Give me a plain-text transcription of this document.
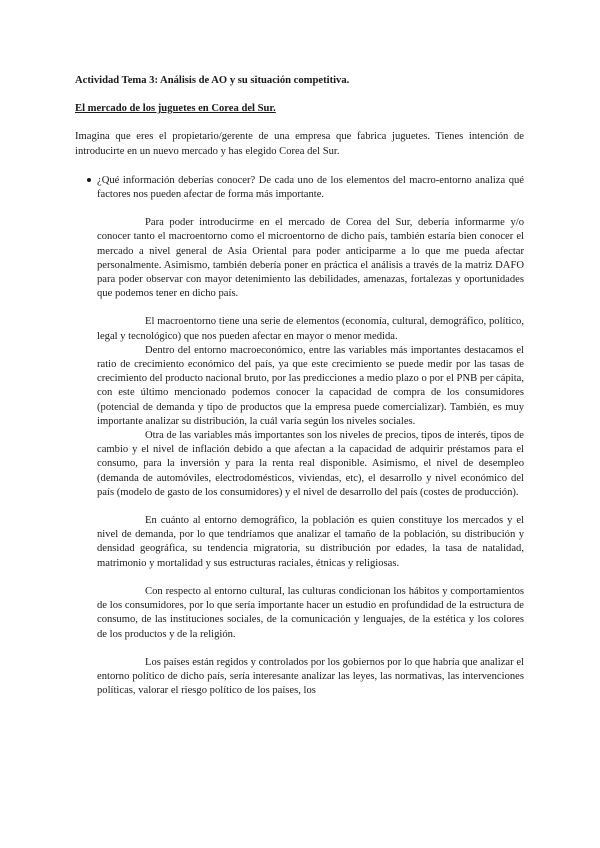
Actividad Tema 3: Análisis de AO y su situación competitiva.
El mercado de los juguetes en Corea del Sur.

Imagina que eres el propietario/gerente de una empresa que fabrica juguetes. Tienes intención de introducirte en un nuevo mercado y has elegido Corea del Sur.

¿Qué información deberías conocer? De cada uno de los elementos del macro-entorno analiza qué factores nos pueden afectar de forma más importante.

Para poder introducirme en el mercado de Corea del Sur, debería informarme y/o conocer tanto el macroentorno como el microentorno de dicho país, también estaría bien conocer el mercado a nivel general de Asia Oriental para poder anticiparme a lo que me pueda afectar personalmente. Asimismo, también debería poner en práctica el análisis a través de la matriz DAFO para poder observar con mayor detenimiento las debilidades, amenazas, fortalezas y oportunidades que podemos tener en dicho país.

El macroentorno tiene una serie de elementos (economía, cultural, demográfico, político, legal y tecnológico) que nos pueden afectar en mayor o menor medida.

Dentro del entorno macroeconómico, entre las variables más importantes destacamos el ratio de crecimiento económico del país, ya que este crecimiento se puede medir por las tasas de crecimiento del producto nacional bruto, por las predicciones a medio plazo o por el PNB per cápita, con este último mencionado podemos conocer la capacidad de compra de los consumidores (potencial de demanda y tipo de productos que la empresa puede comercializar). También, es muy importante analizar su distribución, la cuál varía según los niveles sociales.

Otra de las variables más importantes son los niveles de precios, tipos de interés, tipos de cambio y el nivel de inflación debido a que afectan a la capacidad de adquirir préstamos para el consumo, para la inversión y para la renta real disponible. Asimismo, el nivel de desempleo (demanda de automóviles, electrodomésticos, viviendas, etc), el desarrollo y nivel económico del país (modelo de gasto de los consumidores) y el nivel de desarrollo del país (costes de producción).

En cuánto al entorno demográfico, la población es quien constituye los mercados y el nivel de demanda, por lo que tendríamos que analizar el tamaño de la población, su distribución y densidad geográfica, su tendencia migratoria, su distribución por edades, la tasa de natalidad, matrimonio y mortalidad y sus estructuras raciales, étnicas y religiosas.

Con respecto al entorno cultural, las culturas condicionan los hábitos y comportamientos de los consumidores, por lo que sería importante hacer un estudio en profundidad de la estructura de consumo, de las instituciones sociales, de la comunicación y lenguajes, de la estética y los colores de los productos y de la religión.

Los países están regidos y controlados por los gobiernos por lo que habría que analizar el entorno político de dicho país, sería interesante analizar las leyes, las normativas, las intervenciones políticas, valorar el riesgo político de los países, los
